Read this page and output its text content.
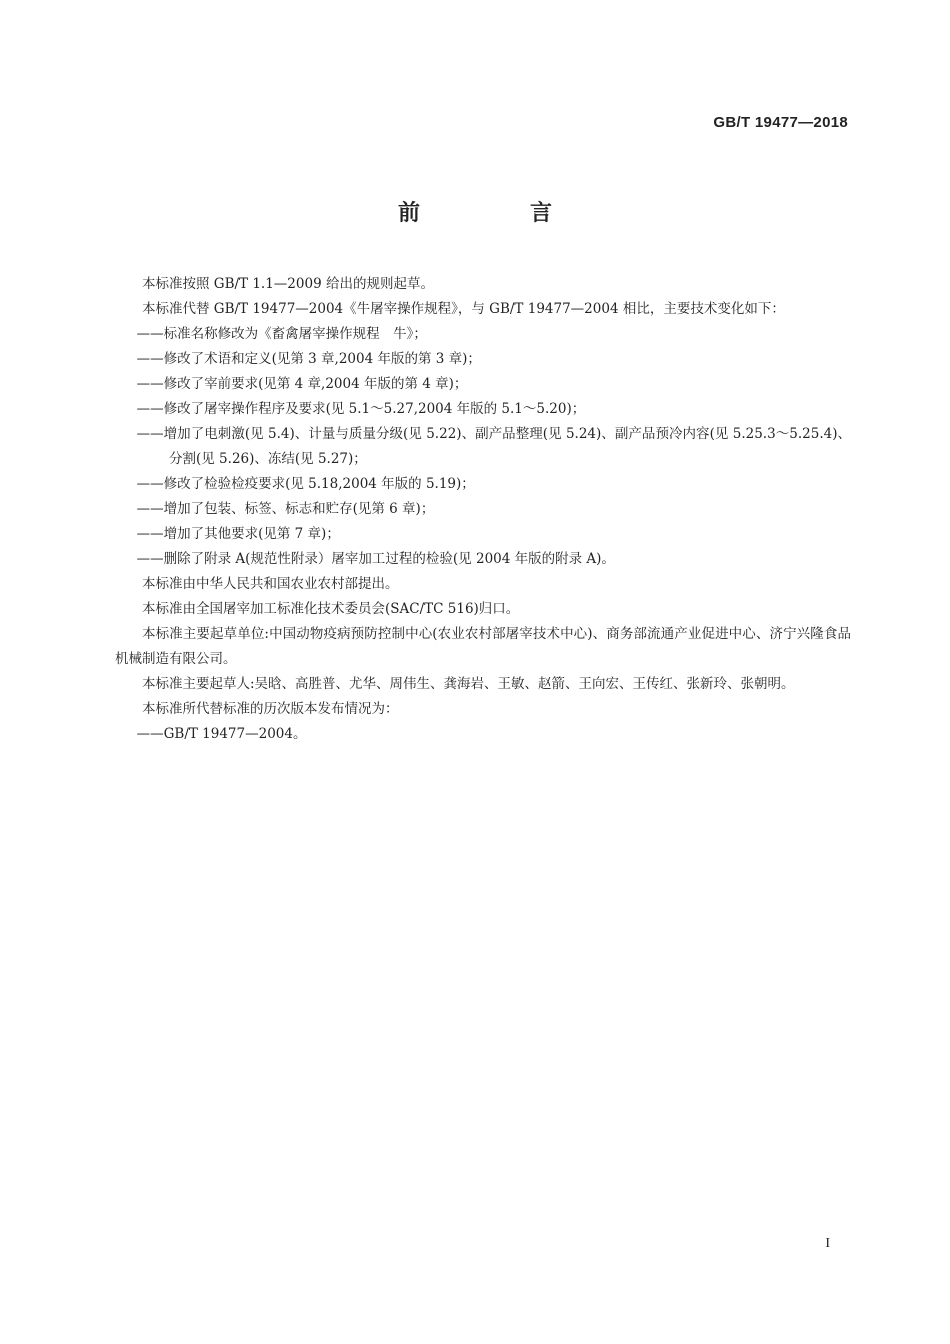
GB/T 19477—2018
前　言

本标准按照 GB/T 1.1—2009 给出的规则起草。

本标准代替 GB/T 19477—2004《牛屠宰操作规程》，与 GB/T 19477—2004 相比，主要技术变化如下：

——标准名称修改为《畜禽屠宰操作规程　牛》；

——修改了术语和定义(见第 3 章,2004 年版的第 3 章)；

——修改了宰前要求(见第 4 章,2004 年版的第 4 章)；

——修改了屠宰操作程序及要求(见 5.1～5.27,2004 年版的 5.1～5.20)；

——增加了电刺激(见 5.4)、计量与质量分级(见 5.22)、副产品整理(见 5.24)、副产品预冷内容(见 5.25.3～5.25.4)、分割(见 5.26)、冻结(见 5.27)；

——修改了检验检疫要求(见 5.18,2004 年版的 5.19)；

——增加了包装、标签、标志和贮存(见第 6 章)；

——增加了其他要求(见第 7 章)；

——删除了附录 A(规范性附录）屠宰加工过程的检验(见 2004 年版的附录 A)。

本标准由中华人民共和国农业农村部提出。

本标准由全国屠宰加工标准化技术委员会(SAC/TC 516)归口。

本标准主要起草单位:中国动物疫病预防控制中心(农业农村部屠宰技术中心)、商务部流通产业促进中心、济宁兴隆食品机械制造有限公司。

本标准主要起草人:吴晗、高胜普、尤华、周伟生、龚海岩、王敏、赵箭、王向宏、王传红、张新玲、张朝明。

本标准所代替标准的历次版本发布情况为：

——GB/T 19477—2004。

I
